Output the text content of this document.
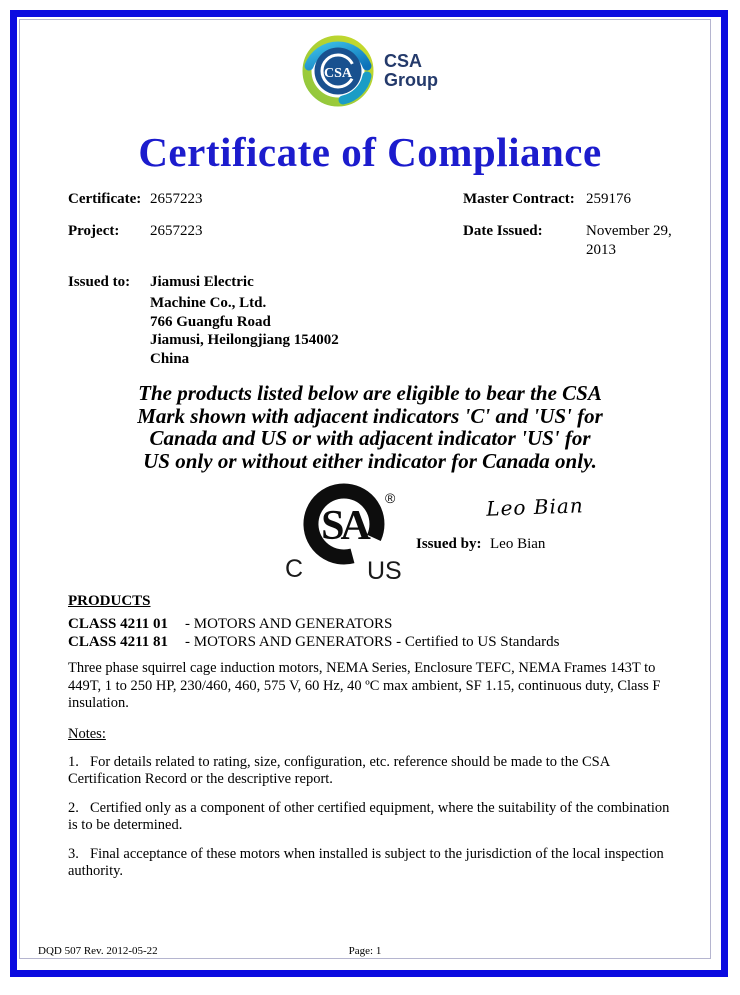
CSA
CSA
Group
Certificate of Compliance
Certificate: 2657223	Master Contract: 259176
Project:	2657223	Date Issued:	November 29, 2013
Issued to:	Jiamusi Electric
Machine Co., Ltd.
766 Guangfu Road
Jiamusi, Heilongjiang 154002
China
The products listed below are eligible to bear the CSA
Mark shown with adjacent indicators 'C' and 'US' for
Canada and US or with adjacent indicator 'US' for
US only or without either indicator for Canada only.
SA
®
C	US
Leo Bian
Issued by: Leo Bian
PRODUCTS
CLASS 4211 01	- MOTORS AND GENERATORS
CLASS 4211 81	- MOTORS AND GENERATORS - Certified to US Standards
Three phase squirrel cage induction motors, NEMA Series, Enclosure TEFC, NEMA Frames 143T to 449T, 1 to 250 HP, 230/460, 460, 575 V, 60 Hz, 40 ºC max ambient, SF 1.15, continuous duty, Class F insulation.
Notes:
1. For details related to rating, size, configuration, etc. reference should be made to the CSA Certification Record or the descriptive report.
2. Certified only as a component of other certified equipment, where the suitability of the combination is to be determined.
3. Final acceptance of these motors when installed is subject to the jurisdiction of the local inspection authority.
DQD 507 Rev. 2012-05-22	Page: 1
